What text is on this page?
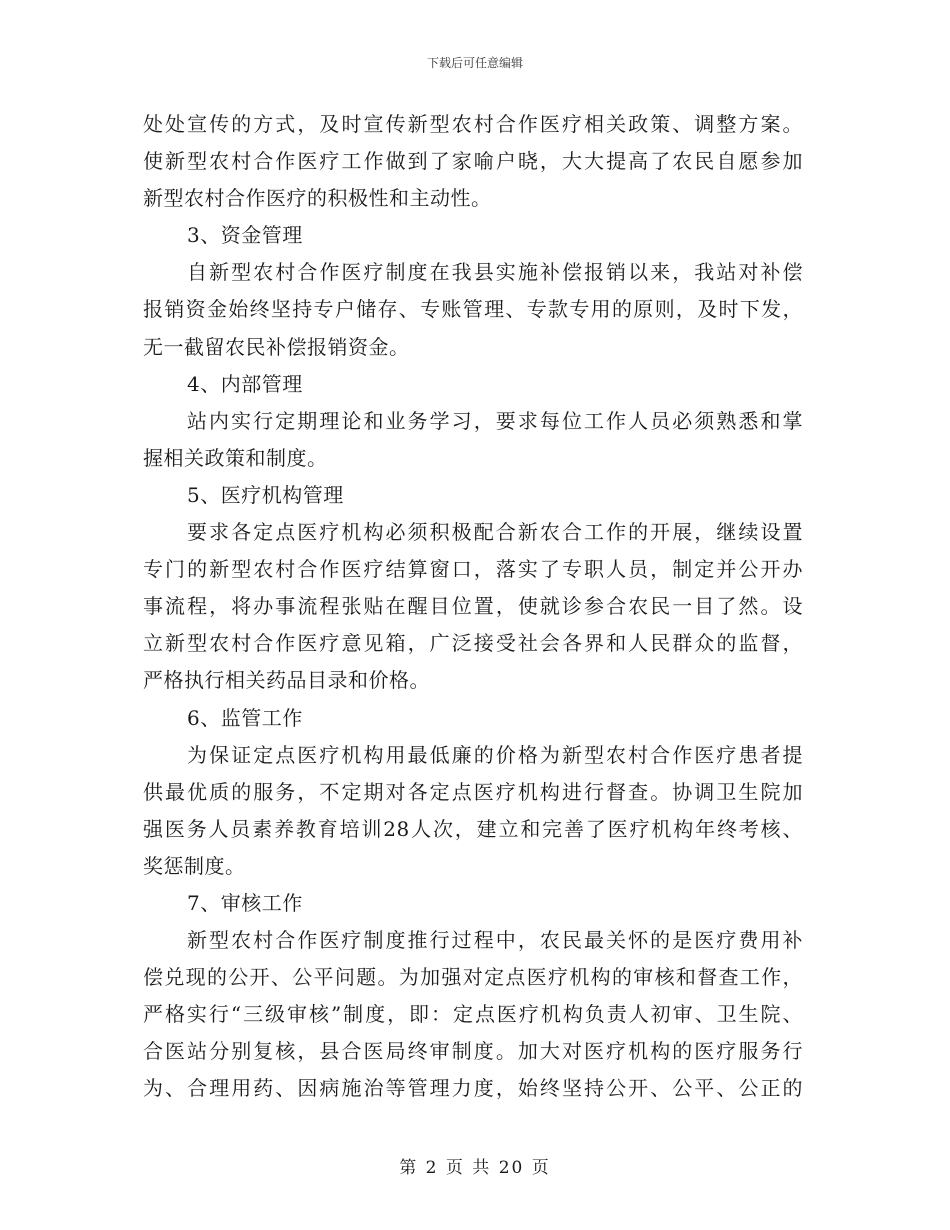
下载后可任意编辑
处处宣传的方式，及时宣传新型农村合作医疗相关政策、调整方案。
使新型农村合作医疗工作做到了家喻户晓，大大提高了农民自愿参加
新型农村合作医疗的积极性和主动性。
3、资金管理
自新型农村合作医疗制度在我县实施补偿报销以来，我站对补偿
报销资金始终坚持专户储存、专账管理、专款专用的原则，及时下发，
无一截留农民补偿报销资金。
4、内部管理
站内实行定期理论和业务学习，要求每位工作人员必须熟悉和掌
握相关政策和制度。
5、医疗机构管理
要求各定点医疗机构必须积极配合新农合工作的开展，继续设置
专门的新型农村合作医疗结算窗口，落实了专职人员，制定并公开办
事流程，将办事流程张贴在醒目位置，使就诊参合农民一目了然。设
立新型农村合作医疗意见箱，广泛接受社会各界和人民群众的监督，
严格执行相关药品目录和价格。
6、监管工作
为保证定点医疗机构用最低廉的价格为新型农村合作医疗患者提
供最优质的服务，不定期对各定点医疗机构进行督查。协调卫生院加
强医务人员素养教育培训28人次，建立和完善了医疗机构年终考核、
奖惩制度。
7、审核工作
新型农村合作医疗制度推行过程中，农民最关怀的是医疗费用补
偿兑现的公开、公平问题。为加强对定点医疗机构的审核和督查工作，
严格实行“三级审核”制度，即：定点医疗机构负责人初审、卫生院、
合医站分别复核，县合医局终审制度。加大对医疗机构的医疗服务行
为、合理用药、因病施治等管理力度，始终坚持公开、公平、公正的
第 2 页 共 20 页
